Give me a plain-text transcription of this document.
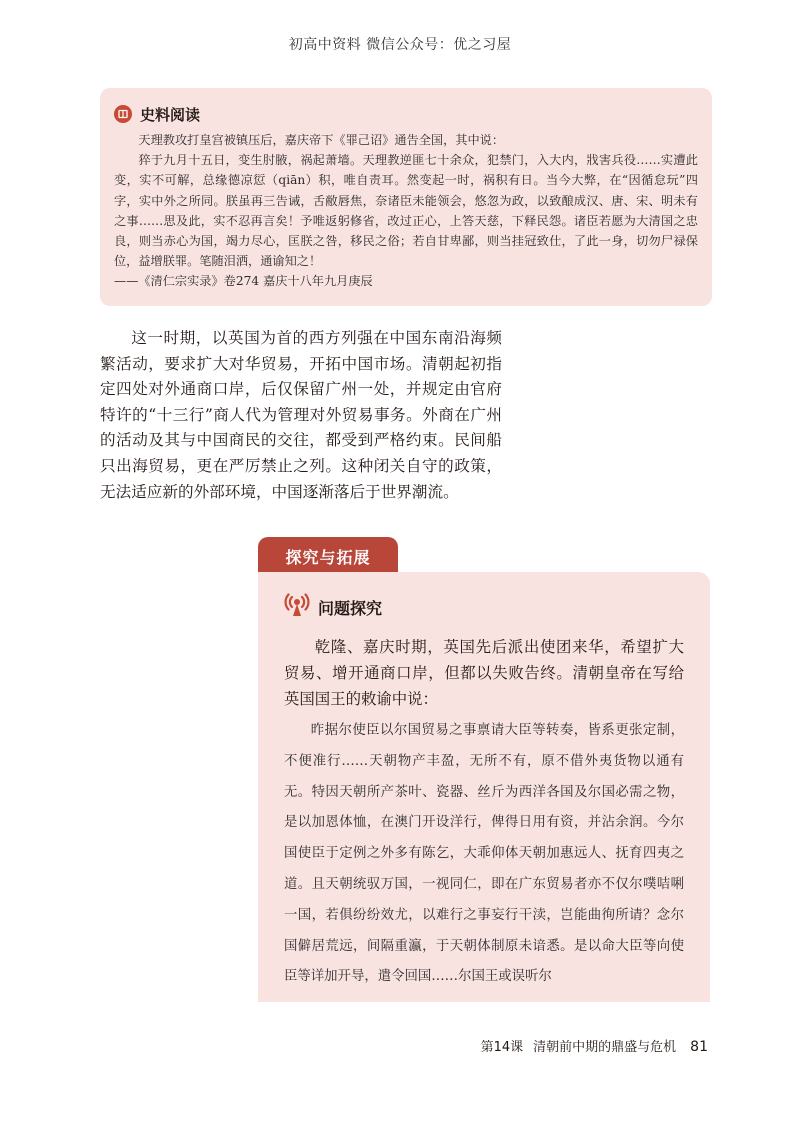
初高中资料 微信公众号：优之习屋
史料阅读

天理教攻打皇宫被镇压后，嘉庆帝下《罪己诏》通告全国，其中说：

猝于九月十五日，变生肘腋，祸起萧墙。天理教逆匪七十余众，犯禁门，入大内，戕害兵役……实遭此变，实不可解，总缘德凉愆（qiān）积，唯自责耳。然变起一时，祸积有日。当今大弊，在“因循怠玩”四字，实中外之所同。朕虽再三告诫，舌敝唇焦，奈诸臣未能领会，悠忽为政，以致酿成汉、唐、宋、明未有之事……思及此，实不忍再言矣！予唯返躬修省，改过正心，上答天慈，下释民怨。诸臣若愿为大清国之忠良，则当赤心为国，竭力尽心，匡朕之咎，移民之俗；若自甘卑鄙，则当挂冠致仕，了此一身，切勿尸禄保位，益增朕罪。笔随泪洒，通谕知之！

——《清仁宗实录》卷274 嘉庆十八年九月庚辰

这一时期，以英国为首的西方列强在中国东南沿海频繁活动，要求扩大对华贸易，开拓中国市场。清朝起初指定四处对外通商口岸，后仅保留广州一处，并规定由官府特许的“十三行”商人代为管理对外贸易事务。外商在广州的活动及其与中国商民的交往，都受到严格约束。民间船只出海贸易，更在严厉禁止之列。这种闭关自守的政策，无法适应新的外部环境，中国逐渐落后于世界潮流。

探究与拓展
问题探究

乾隆、嘉庆时期，英国先后派出使团来华，希望扩大贸易、增开通商口岸，但都以失败告终。清朝皇帝在写给英国国王的敕谕中说：

昨据尔使臣以尔国贸易之事禀请大臣等转奏，皆系更张定制，不便准行……天朝物产丰盈，无所不有，原不借外夷货物以通有无。特因天朝所产茶叶、瓷器、丝斤为西洋各国及尔国必需之物，是以加恩体恤，在澳门开设洋行，俾得日用有资，并沾余润。今尔国使臣于定例之外多有陈乞，大乖仰体天朝加惠远人、抚育四夷之道。且天朝统驭万国，一视同仁，即在广东贸易者亦不仅尔噗咭唎一国，若俱纷纷效尤，以难行之事妄行干渎，岂能曲徇所请？念尔国僻居荒远，间隔重瀛，于天朝体制原未谙悉。是以命大臣等向使臣等详加开导，遣令回国……尔国王或误听尔

第14课 清朝前中期的鼎盛与危机 81
